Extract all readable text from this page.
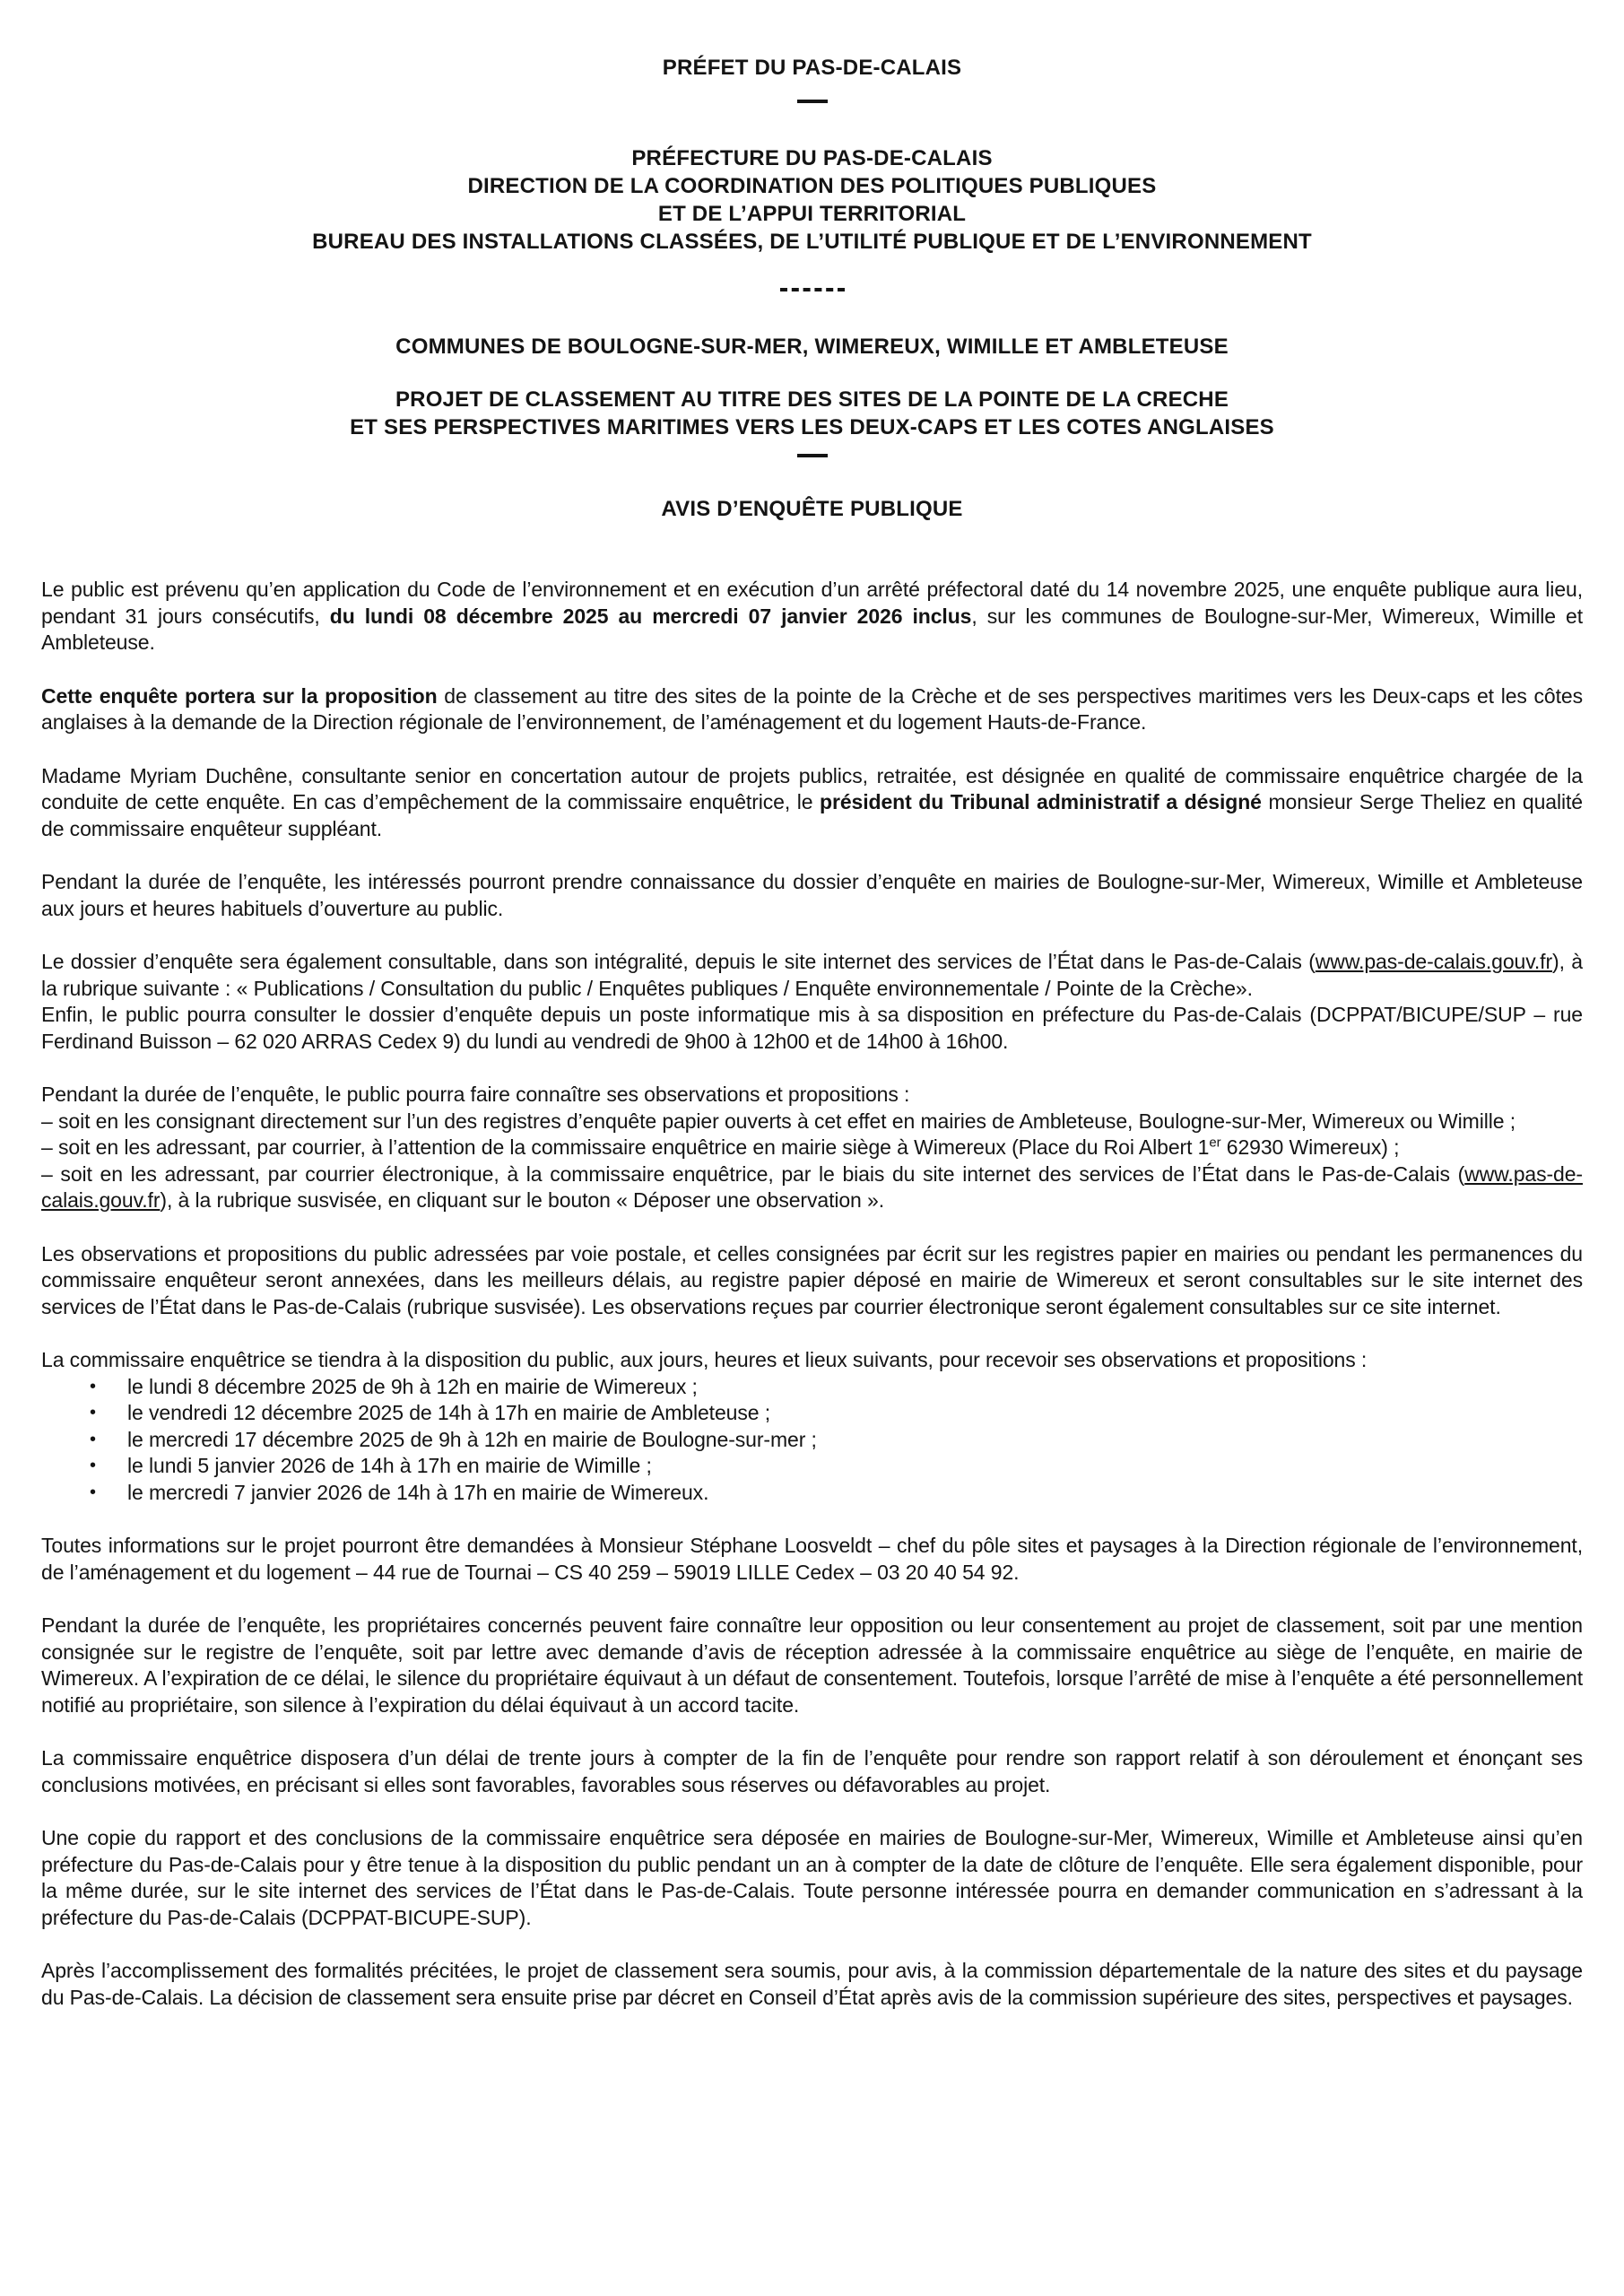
PRÉFET DU PAS-DE-CALAIS
PRÉFECTURE DU PAS-DE-CALAIS
DIRECTION DE LA COORDINATION DES POLITIQUES PUBLIQUES
ET DE L’APPUI TERRITORIAL
BUREAU DES INSTALLATIONS CLASSÉES, DE L’UTILITÉ PUBLIQUE ET DE L’ENVIRONNEMENT
COMMUNES DE BOULOGNE-SUR-MER, WIMEREUX, WIMILLE ET AMBLETEUSE
PROJET DE CLASSEMENT AU TITRE DES SITES DE LA POINTE DE LA CRECHE
ET SES PERSPECTIVES MARITIMES VERS LES DEUX-CAPS ET LES COTES ANGLAISES
AVIS D’ENQUÊTE PUBLIQUE

Le public est prévenu qu’en application du Code de l’environnement et en exécution d’un arrêté préfectoral daté du 14 novembre 2025, une enquête publique aura lieu, pendant 31 jours consécutifs, du lundi 08 décembre 2025 au mercredi 07 janvier 2026 inclus, sur les communes de Boulogne-sur-Mer, Wimereux, Wimille et Ambleteuse.

Cette enquête portera sur la proposition de classement au titre des sites de la pointe de la Crèche et de ses perspectives maritimes vers les Deux-caps et les côtes anglaises à la demande de la Direction régionale de l’environnement, de l’aménagement et du logement Hauts-de-France.

Madame Myriam Duchêne, consultante senior en concertation autour de projets publics, retraitée, est désignée en qualité de commissaire enquêtrice chargée de la conduite de cette enquête. En cas d’empêchement de la commissaire enquêtrice, le président du Tribunal administratif a désigné monsieur Serge Theliez en qualité de commissaire enquêteur suppléant.

Pendant la durée de l’enquête, les intéressés pourront prendre connaissance du dossier d’enquête en mairies de Boulogne-sur-Mer, Wimereux, Wimille et Ambleteuse aux jours et heures habituels d’ouverture au public.

Le dossier d’enquête sera également consultable, dans son intégralité, depuis le site internet des services de l’État dans le Pas-de-Calais (www.pas-de-calais.gouv.fr), à la rubrique suivante : « Publications / Consultation du public / Enquêtes publiques / Enquête environnementale / Pointe de la Crèche».

Enfin, le public pourra consulter le dossier d’enquête depuis un poste informatique mis à sa disposition en préfecture du Pas-de-Calais (DCPPAT/BICUPE/SUP – rue Ferdinand Buisson – 62 020 ARRAS Cedex 9) du lundi au vendredi de 9h00 à 12h00 et de 14h00 à 16h00.

Pendant la durée de l’enquête, le public pourra faire connaître ses observations et propositions :

– soit en les consignant directement sur l’un des registres d’enquête papier ouverts à cet effet en mairies de Ambleteuse, Boulogne-sur-Mer, Wimereux ou Wimille ;

– soit en les adressant, par courrier, à l’attention de la commissaire enquêtrice en mairie siège à Wimereux (Place du Roi Albert 1er 62930 Wimereux) ;

– soit en les adressant, par courrier électronique, à la commissaire enquêtrice, par le biais du site internet des services de l’État dans le Pas-de-Calais (www.pas-de-calais.gouv.fr), à la rubrique susvisée, en cliquant sur le bouton « Déposer une observation ».

Les observations et propositions du public adressées par voie postale, et celles consignées par écrit sur les registres papier en mairies ou pendant les permanences du commissaire enquêteur seront annexées, dans les meilleurs délais, au registre papier déposé en mairie de Wimereux et seront consultables sur le site internet des services de l’État dans le Pas-de-Calais (rubrique susvisée). Les observations reçues par courrier électronique seront également consultables sur ce site internet.

La commissaire enquêtrice se tiendra à la disposition du public, aux jours, heures et lieux suivants, pour recevoir ses observations et propositions :

• le lundi 8 décembre 2025 de 9h à 12h en mairie de Wimereux ;
• le vendredi 12 décembre 2025 de 14h à 17h en mairie de Ambleteuse ;
• le mercredi 17 décembre 2025 de 9h à 12h en mairie de Boulogne-sur-mer ;
• le lundi 5 janvier 2026 de 14h à 17h en mairie de Wimille ;
• le mercredi 7 janvier 2026 de 14h à 17h en mairie de Wimereux.

Toutes informations sur le projet pourront être demandées à Monsieur Stéphane Loosveldt – chef du pôle sites et paysages à la Direction régionale de l’environnement, de l’aménagement et du logement – 44 rue de Tournai – CS 40 259 – 59019 LILLE Cedex – 03 20 40 54 92.

Pendant la durée de l’enquête, les propriétaires concernés peuvent faire connaître leur opposition ou leur consentement au projet de classement, soit par une mention consignée sur le registre de l’enquête, soit par lettre avec demande d’avis de réception adressée à la commissaire enquêtrice au siège de l’enquête, en mairie de Wimereux. A l’expiration de ce délai, le silence du propriétaire équivaut à un défaut de consentement. Toutefois, lorsque l’arrêté de mise à l’enquête a été personnellement notifié au propriétaire, son silence à l’expiration du délai équivaut à un accord tacite.

La commissaire enquêtrice disposera d’un délai de trente jours à compter de la fin de l’enquête pour rendre son rapport relatif à son déroulement et énonçant ses conclusions motivées, en précisant si elles sont favorables, favorables sous réserves ou défavorables au projet.

Une copie du rapport et des conclusions de la commissaire enquêtrice sera déposée en mairies de Boulogne-sur-Mer, Wimereux, Wimille et Ambleteuse ainsi qu’en préfecture du Pas-de-Calais pour y être tenue à la disposition du public pendant un an à compter de la date de clôture de l’enquête. Elle sera également disponible, pour la même durée, sur le site internet des services de l’État dans le Pas-de-Calais. Toute personne intéressée pourra en demander communication en s’adressant à la préfecture du Pas-de-Calais (DCPPAT-BICUPE-SUP).

Après l’accomplissement des formalités précitées, le projet de classement sera soumis, pour avis, à la commission départementale de la nature des sites et du paysage du Pas-de-Calais. La décision de classement sera ensuite prise par décret en Conseil d’État après avis de la commission supérieure des sites, perspectives et paysages.
